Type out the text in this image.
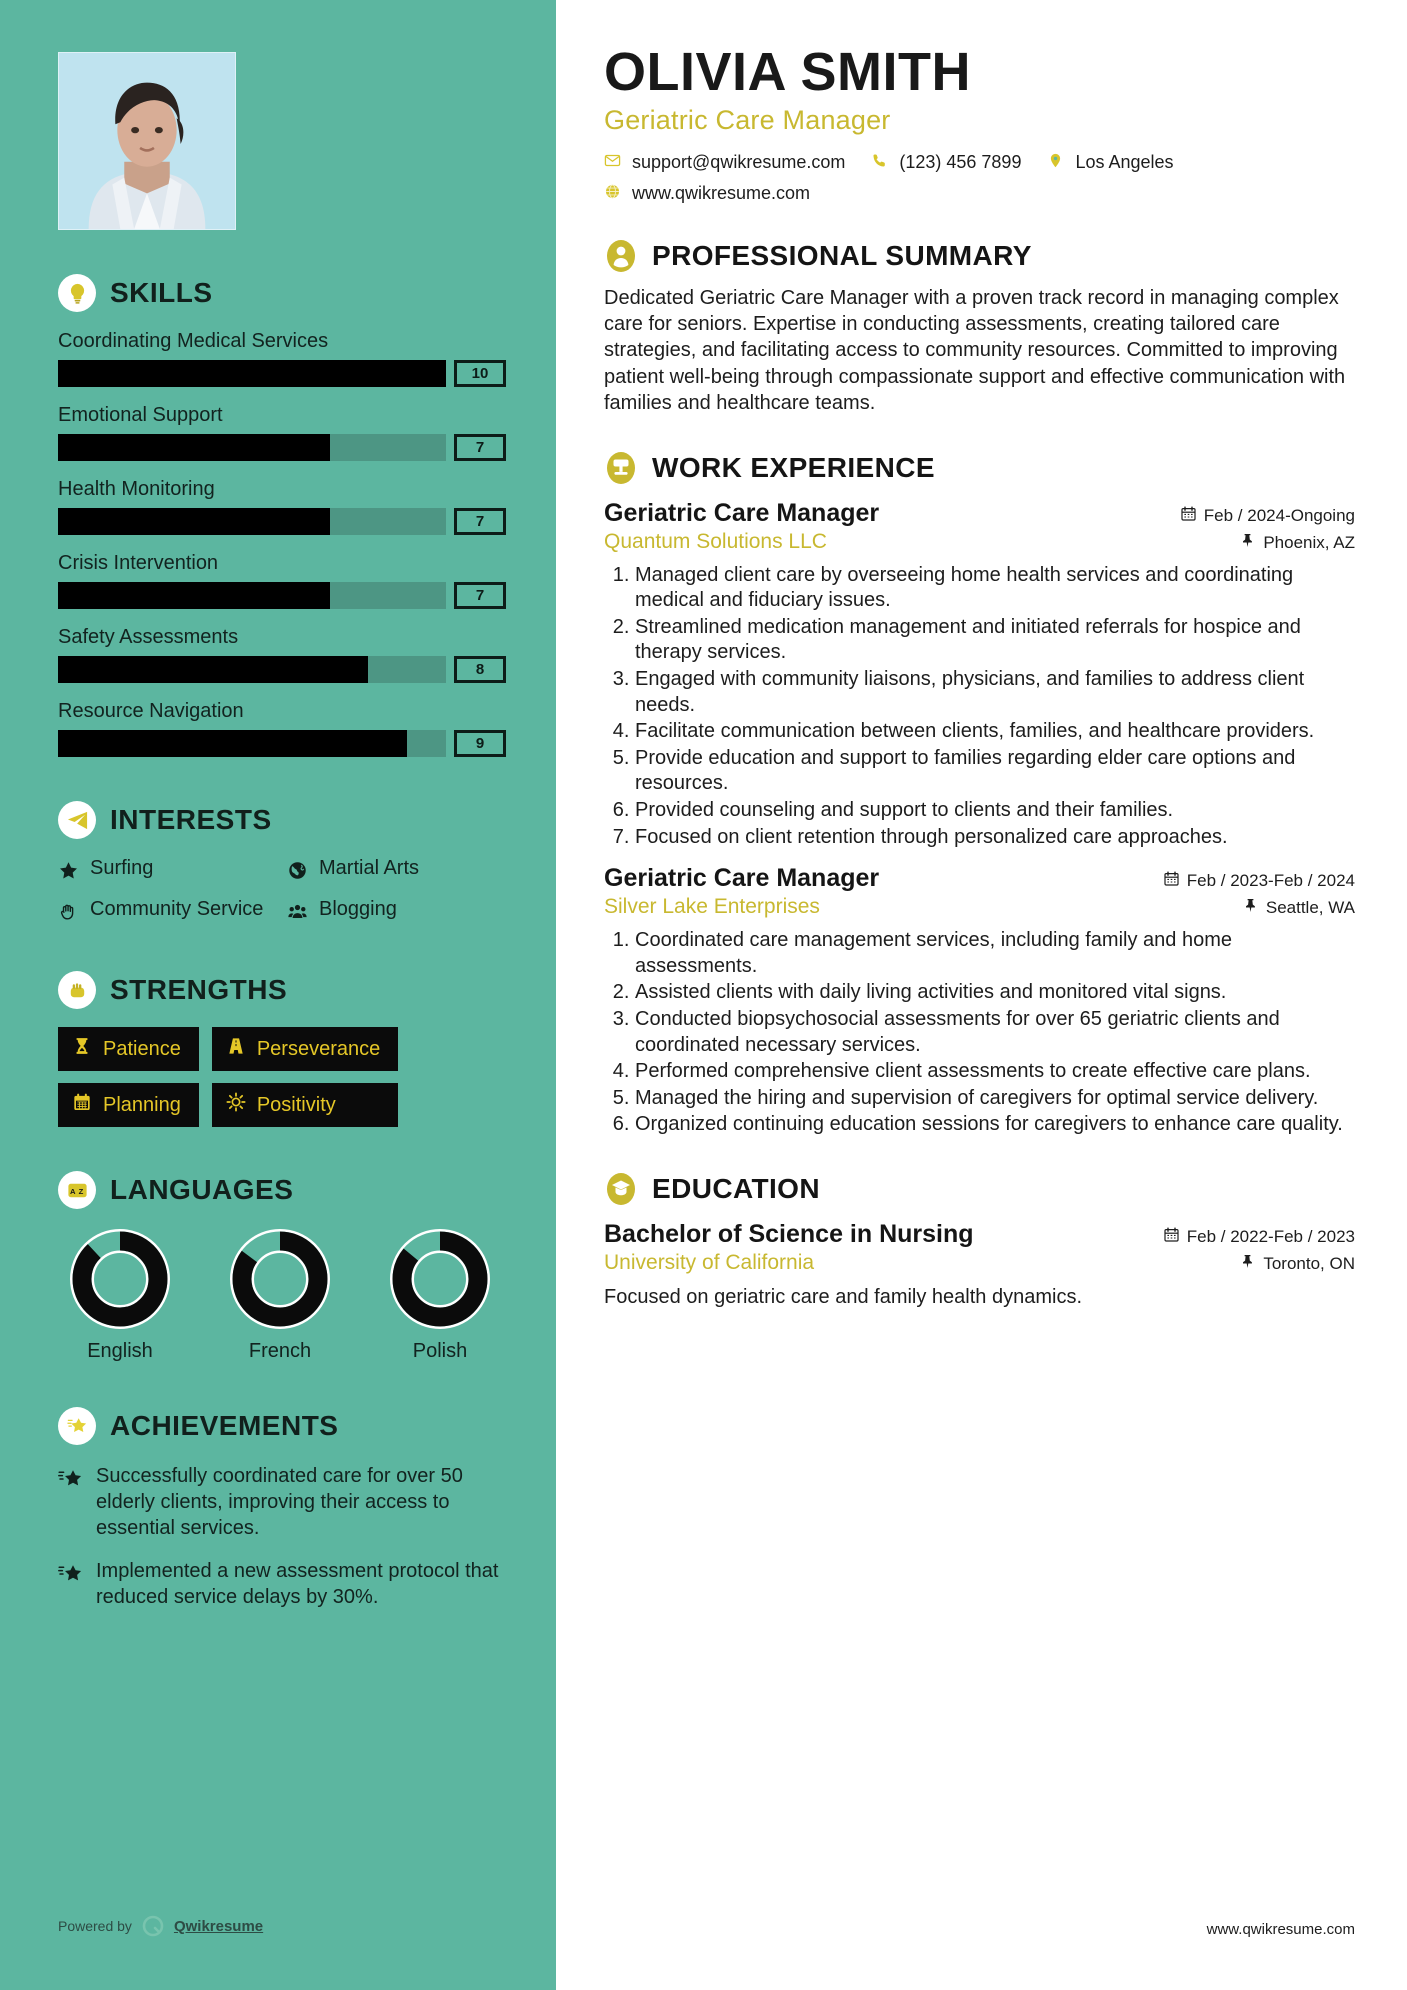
SKILLS
Coordinating Medical Services
10
Emotional Support
7
Health Monitoring
7
Crisis Intervention
7
Safety Assessments
8
Resource Navigation
9
INTERESTS
Surfing	Martial Arts
Community Service	Blogging
STRENGTHS
Patience	Perseverance
Planning	Positivity
A Z LANGUAGES
English	French	Polish
ACHIEVEMENTS
Successfully coordinated care for over 50 elderly clients, improving their access to essential services.
Implemented a new assessment protocol that reduced service delays by 30%.
Powered by	Qwikresume
OLIVIA SMITH
Geriatric Care Manager
support@qwikresume.com	(123) 456 7899	Los Angeles
www.qwikresume.com
PROFESSIONAL SUMMARY

Dedicated Geriatric Care Manager with a proven track record in managing complex care for seniors. Expertise in conducting assessments, creating tailored care strategies, and facilitating access to community resources. Committed to improving patient well-being through compassionate support and effective communication with families and healthcare teams.

WORK EXPERIENCE
Geriatric Care Manager	Feb / 2024-Ongoing
Quantum Solutions LLC	Phoenix, AZ
1. Managed client care by overseeing home health services and coordinating medical and fiduciary issues.
2. Streamlined medication management and initiated referrals for hospice and therapy services.
3. Engaged with community liaisons, physicians, and families to address client needs.
4. Facilitate communication between clients, families, and healthcare providers.
5. Provide education and support to families regarding elder care options and resources.
6. Provided counseling and support to clients and their families.
7. Focused on client retention through personalized care approaches.
Geriatric Care Manager	Feb / 2023-Feb / 2024
Silver Lake Enterprises	Seattle, WA
1. Coordinated care management services, including family and home assessments.
2. Assisted clients with daily living activities and monitored vital signs.
3. Conducted biopsychosocial assessments for over 65 geriatric clients and coordinated necessary services.
4. Performed comprehensive client assessments to create effective care plans.
5. Managed the hiring and supervision of caregivers for optimal service delivery.
6. Organized continuing education sessions for caregivers to enhance care quality.
EDUCATION
Bachelor of Science in Nursing	Feb / 2022-Feb / 2023
University of California	Toronto, ON
Focused on geriatric care and family health dynamics.
www.qwikresume.com
